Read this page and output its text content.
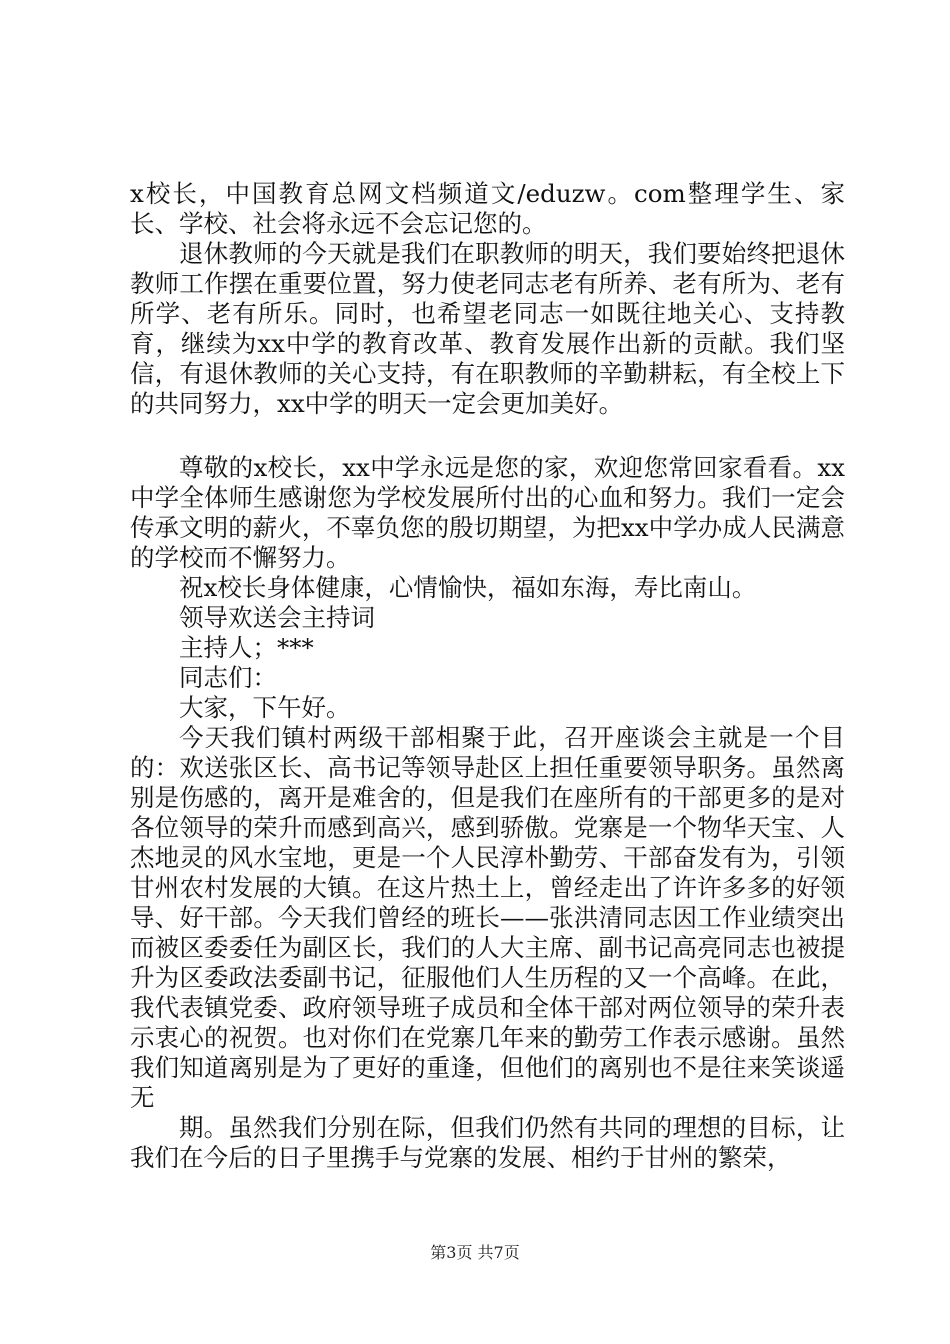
x校长，中国教育总网文档频道文/eduzw。com整理学生、家长、学校、社会将永远不会忘记您的。

退休教师的今天就是我们在职教师的明天，我们要始终把退休教师工作摆在重要位置，努力使老同志老有所养、老有所为、老有所学、老有所乐。同时，也希望老同志一如既往地关心、支持教育，继续为xx中学的教育改革、教育发展作出新的贡献。我们坚信，有退休教师的关心支持，有在职教师的辛勤耕耘，有全校上下的共同努力，xx中学的明天一定会更加美好。

尊敬的x校长，xx中学永远是您的家，欢迎您常回家看看。xx中学全体师生感谢您为学校发展所付出的心血和努力。我们一定会传承文明的薪火，不辜负您的殷切期望，为把xx中学办成人民满意的学校而不懈努力。

祝x校长身体健康，心情愉快，福如东海，寿比南山。

领导欢送会主持词

主持人；***

同志们：

大家，下午好。

今天我们镇村两级干部相聚于此，召开座谈会主就是一个目的：欢送张区长、高书记等领导赴区上担任重要领导职务。虽然离别是伤感的，离开是难舍的，但是我们在座所有的干部更多的是对各位领导的荣升而感到高兴，感到骄傲。党寨是一个物华天宝、人杰地灵的风水宝地，更是一个人民淳朴勤劳、干部奋发有为，引领甘州农村发展的大镇。在这片热土上，曾经走出了许许多多的好领导、好干部。今天我们曾经的班长——张洪清同志因工作业绩突出而被区委委任为副区长，我们的人大主席、副书记高亮同志也被提升为区委政法委副书记，征服他们人生历程的又一个高峰。在此，我代表镇党委、政府领导班子成员和全体干部对两位领导的荣升表示衷心的祝贺。也对你们在党寨几年来的勤劳工作表示感谢。虽然我们知道离别是为了更好的重逢，但他们的离别也不是往来笑谈遥无

期。虽然我们分别在际，但我们仍然有共同的理想的目标，让我们在今后的日子里携手与党寨的发展、相约于甘州的繁荣，

第3页 共7页
